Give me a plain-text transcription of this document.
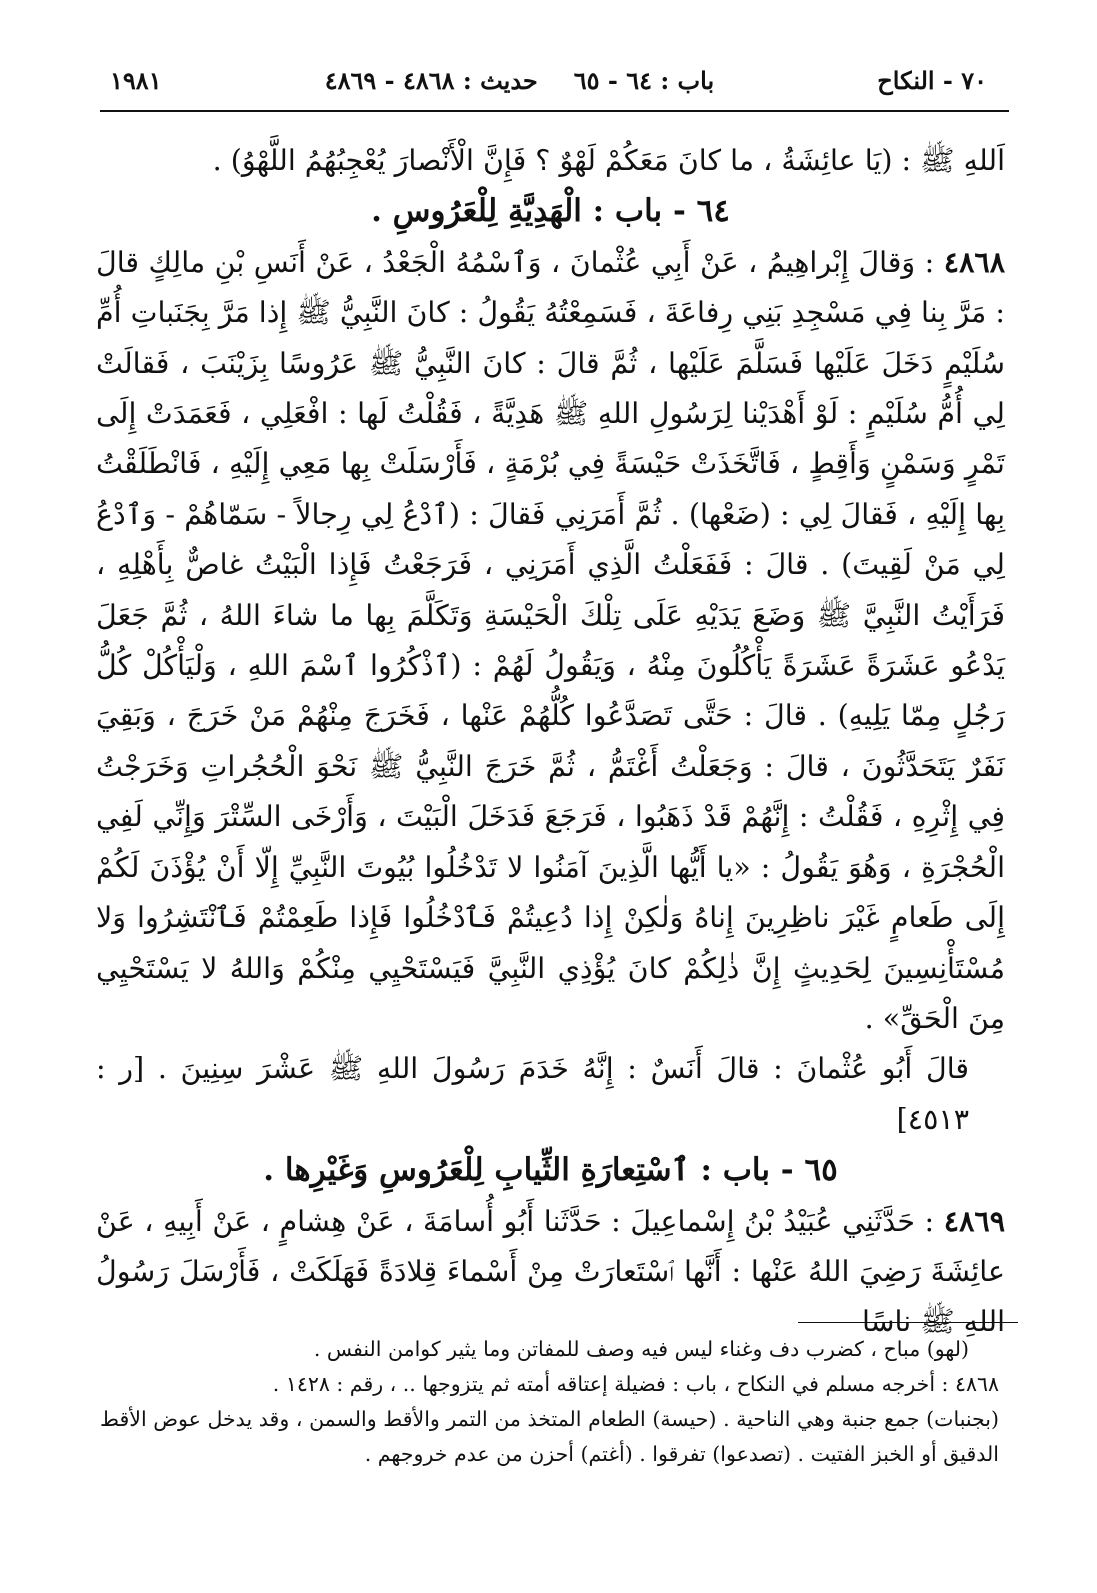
٧٠ - النكاح
باب : ٦٤ - ٦٥
حديث : ٤٨٦٨ - ٤٨٦٩
١٩٨١

اَللهِ ﷺ : (يَا عائِشَةُ ، ما كانَ مَعَكُمْ لَهْوٌ ؟ فَإِنَّ الْأَنْصارَ يُعْجِبُهُمُ اللَّهْوُ) .

٦٤ - باب : الْهَدِيَّةِ لِلْعَرُوسِ .

٤٨٦٨ : وَقالَ إِبْراهِيمُ ، عَنْ أَبِي عُثْمانَ ، وَٱسْمُهُ الْجَعْدُ ، عَنْ أَنَسِ بْنِ مالِكٍ قالَ : مَرَّ بِنا فِي مَسْجِدِ بَنِي رِفاعَةَ ، فَسَمِعْتُهُ يَقُولُ : كانَ النَّبِيُّ ﷺ إِذا مَرَّ بِجَنَباتِ أُمِّ سُلَيْمٍ دَخَلَ عَلَيْها فَسَلَّمَ عَلَيْها ، ثُمَّ قالَ : كانَ النَّبِيُّ ﷺ عَرُوسًا بِزَيْنَبَ ، فَقالَتْ لِي أُمُّ سُلَيْمٍ : لَوْ أَهْدَيْنا لِرَسُولِ اللهِ ﷺ هَدِيَّةً ، فَقُلْتُ لَها : افْعَلِي ، فَعَمَدَتْ إِلَى تَمْرٍ وَسَمْنٍ وَأَقِطٍ ، فَاتَّخَذَتْ حَيْسَةً فِي بُرْمَةٍ ، فَأَرْسَلَتْ بِها مَعِي إِلَيْهِ ، فَانْطَلَقْتُ بِها إِلَيْهِ ، فَقالَ لِي : (ضَعْها) . ثُمَّ أَمَرَنِي فَقالَ : (ٱدْعُ لِي رِجالاً - سَمّاهُمْ - وَٱدْعُ لِي مَنْ لَقِيتَ) . قالَ : فَفَعَلْتُ الَّذِي أَمَرَنِي ، فَرَجَعْتُ فَإِذا الْبَيْتُ غاصٌّ بِأَهْلِهِ ، فَرَأَيْتُ النَّبِيَّ ﷺ وَضَعَ يَدَيْهِ عَلَى تِلْكَ الْحَيْسَةِ وَتَكَلَّمَ بِها ما شاءَ اللهُ ، ثُمَّ جَعَلَ يَدْعُو عَشَرَةً عَشَرَةً يَأْكُلُونَ مِنْهُ ، وَيَقُولُ لَهُمْ : (ٱذْكُرُوا ٱسْمَ اللهِ ، وَلْيَأْكُلْ كُلُّ رَجُلٍ مِمّا يَلِيهِ) . قالَ : حَتَّى تَصَدَّعُوا كُلُّهُمْ عَنْها ، فَخَرَجَ مِنْهُمْ مَنْ خَرَجَ ، وَبَقِيَ نَفَرٌ يَتَحَدَّثُونَ ، قالَ : وَجَعَلْتُ أَغْتَمُّ ، ثُمَّ خَرَجَ النَّبِيُّ ﷺ نَحْوَ الْحُجُراتِ وَخَرَجْتُ فِي إِثْرِهِ ، فَقُلْتُ : إِنَّهُمْ قَدْ ذَهَبُوا ، فَرَجَعَ فَدَخَلَ الْبَيْتَ ، وَأَرْخَى السِّتْرَ وَإِنِّي لَفِي الْحُجْرَةِ ، وَهُوَ يَقُولُ : «يا أَيُّها الَّذِينَ آمَنُوا لا تَدْخُلُوا بُيُوتَ النَّبِيِّ إِلّا أَنْ يُؤْذَنَ لَكُمْ إِلَى طَعامٍ غَيْرَ ناظِرِينَ إِناهُ وَلٰكِنْ إِذا دُعِيتُمْ فَٱدْخُلُوا فَإِذا طَعِمْتُمْ فَٱنْتَشِرُوا وَلا مُسْتَأْنِسِينَ لِحَدِيثٍ إِنَّ ذٰلِكُمْ كانَ يُؤْذِي النَّبِيَّ فَيَسْتَحْيِي مِنْكُمْ وَاللهُ لا يَسْتَحْيِي مِنَ الْحَقِّ» .

قالَ أَبُو عُثْمانَ : قالَ أَنَسٌ : إِنَّهُ خَدَمَ رَسُولَ اللهِ ﷺ عَشْرَ سِنِينَ . [ر : ٤٥١٣]

٦٥ - باب : ٱسْتِعارَةِ الثِّيابِ لِلْعَرُوسِ وَغَيْرِها .

٤٨٦٩ : حَدَّثَنِي عُبَيْدُ بْنُ إِسْماعِيلَ : حَدَّثَنا أَبُو أُسامَةَ ، عَنْ هِشامٍ ، عَنْ أَبِيهِ ، عَنْ عائِشَةَ رَضِيَ اللهُ عَنْها : أَنَّها ٱسْتَعارَتْ مِنْ أَسْماءَ قِلادَةً فَهَلَكَتْ ، فَأَرْسَلَ رَسُولُ اللهِ ﷺ ناسًا

(لهو) مباح ، كضرب دف وغناء ليس فيه وصف للمفاتن وما يثير كوامن النفس .

٤٨٦٨ : أخرجه مسلم في النكاح ، باب : فضيلة إعتاقه أمته ثم يتزوجها .. ، رقم : ١٤٢٨ .

(بجنبات) جمع جنبة وهي الناحية . (حيسة) الطعام المتخذ من التمر والأقط والسمن ، وقد يدخل عوض الأقط الدقيق أو الخبز الفتيت . (تصدعوا) تفرقوا . (أغتم) أحزن من عدم خروجهم .
